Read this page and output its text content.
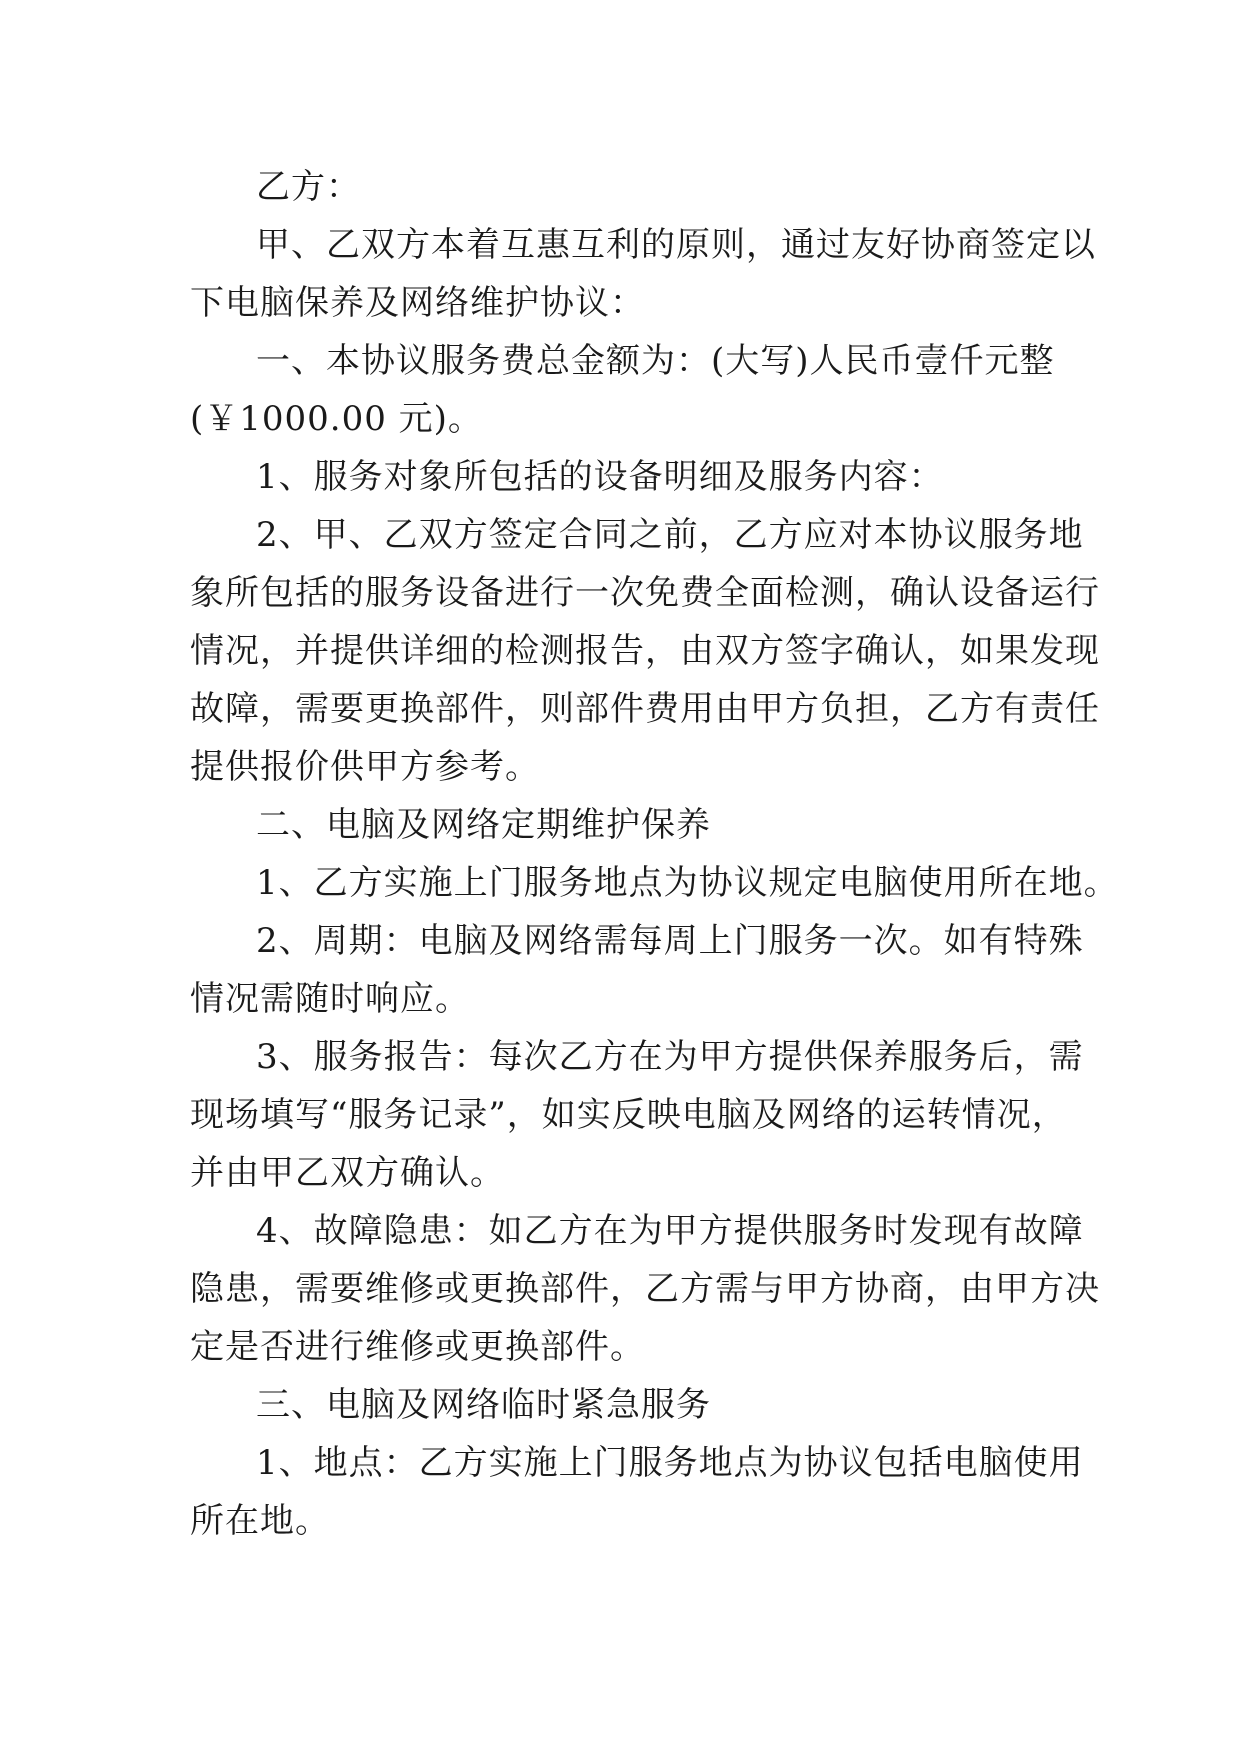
乙方：
甲、乙双方本着互惠互利的原则，通过友好协商签定以
下电脑保养及网络维护协议：
一、本协议服务费总金额为：(大写)人民币壹仟元整
(￥1000.00 元)。
1、服务对象所包括的设备明细及服务内容：
2、甲、乙双方签定合同之前，乙方应对本协议服务地
象所包括的服务设备进行一次免费全面检测，确认设备运行
情况，并提供详细的检测报告，由双方签字确认，如果发现
故障，需要更换部件，则部件费用由甲方负担，乙方有责任
提供报价供甲方参考。
二、电脑及网络定期维护保养
1、乙方实施上门服务地点为协议规定电脑使用所在地。
2、周期：电脑及网络需每周上门服务一次。如有特殊
情况需随时响应。
3、服务报告：每次乙方在为甲方提供保养服务后，需
现场填写“服务记录”，如实反映电脑及网络的运转情况，
并由甲乙双方确认。
4、故障隐患：如乙方在为甲方提供服务时发现有故障
隐患，需要维修或更换部件，乙方需与甲方协商，由甲方决
定是否进行维修或更换部件。
三、电脑及网络临时紧急服务
1、地点：乙方实施上门服务地点为协议包括电脑使用
所在地。
